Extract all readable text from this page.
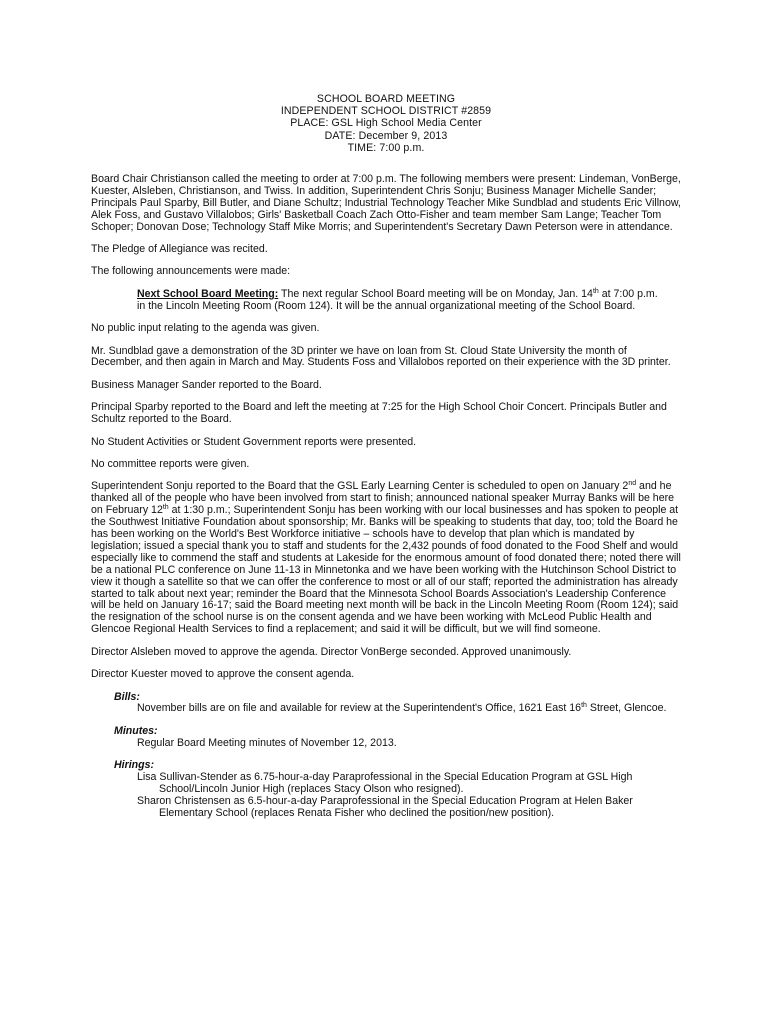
SCHOOL BOARD MEETING
INDEPENDENT SCHOOL DISTRICT #2859
PLACE: GSL High School Media Center
DATE: December 9, 2013
TIME: 7:00 p.m.

Board Chair Christianson called the meeting to order at 7:00 p.m. The following members were present: Lindeman, VonBerge, Kuester, Alsleben, Christianson, and Twiss. In addition, Superintendent Chris Sonju; Business Manager Michelle Sander; Principals Paul Sparby, Bill Butler, and Diane Schultz; Industrial Technology Teacher Mike Sundblad and students Eric Villnow, Alek Foss, and Gustavo Villalobos; Girls' Basketball Coach Zach Otto-Fisher and team member Sam Lange; Teacher Tom Schoper; Donovan Dose; Technology Staff Mike Morris; and Superintendent's Secretary Dawn Peterson were in attendance.

The Pledge of Allegiance was recited.

The following announcements were made:

Next School Board Meeting: The next regular School Board meeting will be on Monday, Jan. 14th at 7:00 p.m. in the Lincoln Meeting Room (Room 124). It will be the annual organizational meeting of the School Board.

No public input relating to the agenda was given.

Mr. Sundblad gave a demonstration of the 3D printer we have on loan from St. Cloud State University the month of December, and then again in March and May. Students Foss and Villalobos reported on their experience with the 3D printer.

Business Manager Sander reported to the Board.

Principal Sparby reported to the Board and left the meeting at 7:25 for the High School Choir Concert. Principals Butler and Schultz reported to the Board.

No Student Activities or Student Government reports were presented.

No committee reports were given.

Superintendent Sonju reported to the Board that the GSL Early Learning Center is scheduled to open on January 2nd and he thanked all of the people who have been involved from start to finish; announced national speaker Murray Banks will be here on February 12th at 1:30 p.m.; Superintendent Sonju has been working with our local businesses and has spoken to people at the Southwest Initiative Foundation about sponsorship; Mr. Banks will be speaking to students that day, too; told the Board he has been working on the World's Best Workforce initiative – schools have to develop that plan which is mandated by legislation; issued a special thank you to staff and students for the 2,432 pounds of food donated to the Food Shelf and would especially like to commend the staff and students at Lakeside for the enormous amount of food donated there; noted there will be a national PLC conference on June 11-13 in Minnetonka and we have been working with the Hutchinson School District to view it though a satellite so that we can offer the conference to most or all of our staff; reported the administration has already started to talk about next year; reminder the Board that the Minnesota School Boards Association's Leadership Conference will be held on January 16-17; said the Board meeting next month will be back in the Lincoln Meeting Room (Room 124); said the resignation of the school nurse is on the consent agenda and we have been working with McLeod Public Health and Glencoe Regional Health Services to find a replacement; and said it will be difficult, but we will find someone.

Director Alsleben moved to approve the agenda. Director VonBerge seconded. Approved unanimously.

Director Kuester moved to approve the consent agenda.

Bills:
November bills are on file and available for review at the Superintendent's Office, 1621 East 16th Street, Glencoe.
Minutes:
Regular Board Meeting minutes of November 12, 2013.
Hirings:
Lisa Sullivan-Stender as 6.75-hour-a-day Paraprofessional in the Special Education Program at GSL High School/Lincoln Junior High (replaces Stacy Olson who resigned).
Sharon Christensen as 6.5-hour-a-day Paraprofessional in the Special Education Program at Helen Baker Elementary School (replaces Renata Fisher who declined the position/new position).
